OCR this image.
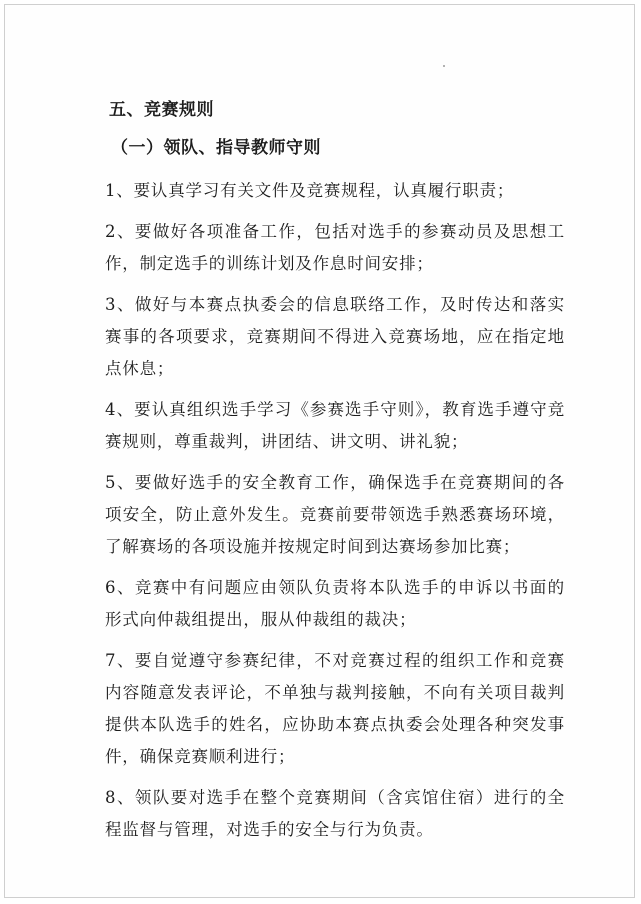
五、竞赛规则
（一）领队、指导教师守则

1、要认真学习有关文件及竞赛规程，认真履行职责；

2、要做好各项准备工作，包括对选手的参赛动员及思想工作，制定选手的训练计划及作息时间安排；

3、做好与本赛点执委会的信息联络工作，及时传达和落实赛事的各项要求，竞赛期间不得进入竞赛场地，应在指定地点休息；

4、要认真组织选手学习《参赛选手守则》，教育选手遵守竞赛规则，尊重裁判，讲团结、讲文明、讲礼貌；

5、要做好选手的安全教育工作，确保选手在竞赛期间的各项安全，防止意外发生。竞赛前要带领选手熟悉赛场环境，了解赛场的各项设施并按规定时间到达赛场参加比赛；

6、竞赛中有问题应由领队负责将本队选手的申诉以书面的形式向仲裁组提出，服从仲裁组的裁决；

7、要自觉遵守参赛纪律，不对竞赛过程的组织工作和竞赛内容随意发表评论，不单独与裁判接触，不向有关项目裁判提供本队选手的姓名，应协助本赛点执委会处理各种突发事件，确保竞赛顺利进行；

8、领队要对选手在整个竞赛期间（含宾馆住宿）进行的全程监督与管理，对选手的安全与行为负责。
